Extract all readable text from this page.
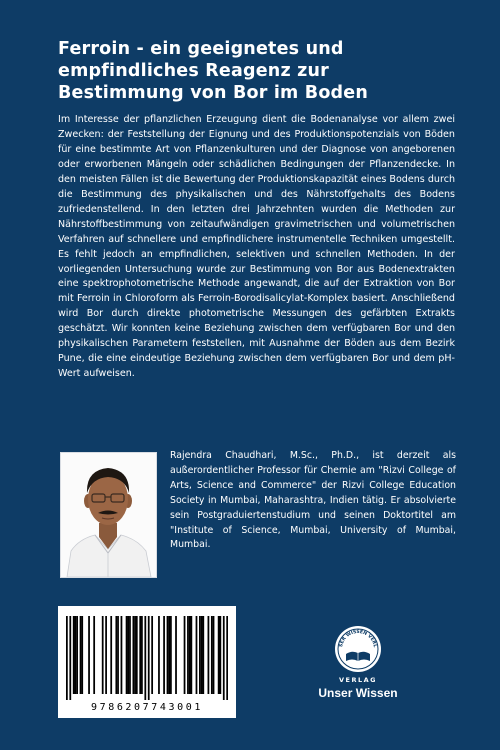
Ferroin - ein geeignetes und
empfindliches Reagenz zur
Bestimmung von Bor im Boden

Im Interesse der pflanzlichen Erzeugung dient die Bodenanalyse vor allem zwei Zwecken: der Feststellung der Eignung und des Produktionspotenzials von Böden für eine bestimmte Art von Pflanzenkulturen und der Diagnose von angeborenen oder erworbenen Mängeln oder schädlichen Bedingungen der Pflanzendecke. In den meisten Fällen ist die Bewertung der Produktionskapazität eines Bodens durch die Bestimmung des physikalischen und des Nährstoffgehalts des Bodens zufriedenstellend. In den letzten drei Jahrzehnten wurden die Methoden zur Nährstoffbestimmung von zeitaufwändigen gravimetrischen und volumetrischen Verfahren auf schnellere und empfindlichere instrumentelle Techniken umgestellt. Es fehlt jedoch an empfindlichen, selektiven und schnellen Methoden. In der vorliegenden Untersuchung wurde zur Bestimmung von Bor aus Bodenextrakten eine spektrophotometrische Methode angewandt, die auf der Extraktion von Bor mit Ferroin in Chloroform als Ferroin-Borodisalicylat-Komplex basiert. Anschließend wird Bor durch direkte photometrische Messungen des gefärbten Extrakts geschätzt. Wir konnten keine Beziehung zwischen dem verfügbaren Bor und den physikalischen Parametern feststellen, mit Ausnahme der Böden aus dem Bezirk Pune, die eine eindeutige Beziehung zwischen dem verfügbaren Bor und dem pH-Wert aufweisen.

Rajendra Chaudhari, M.Sc., Ph.D., ist derzeit als außerordentlicher Professor für Chemie am "Rizvi College of Arts, Science and Commerce" der Rizvi College Education Society in Mumbai, Maharashtra, Indien tätig. Er absolvierte sein Postgraduiertenstudium und seinen Doktortitel am "Institute of Science, Mumbai, University of Mumbai, Mumbai.

9786207743001
SER WISSEN VERL
VERLAG
Unser Wissen
